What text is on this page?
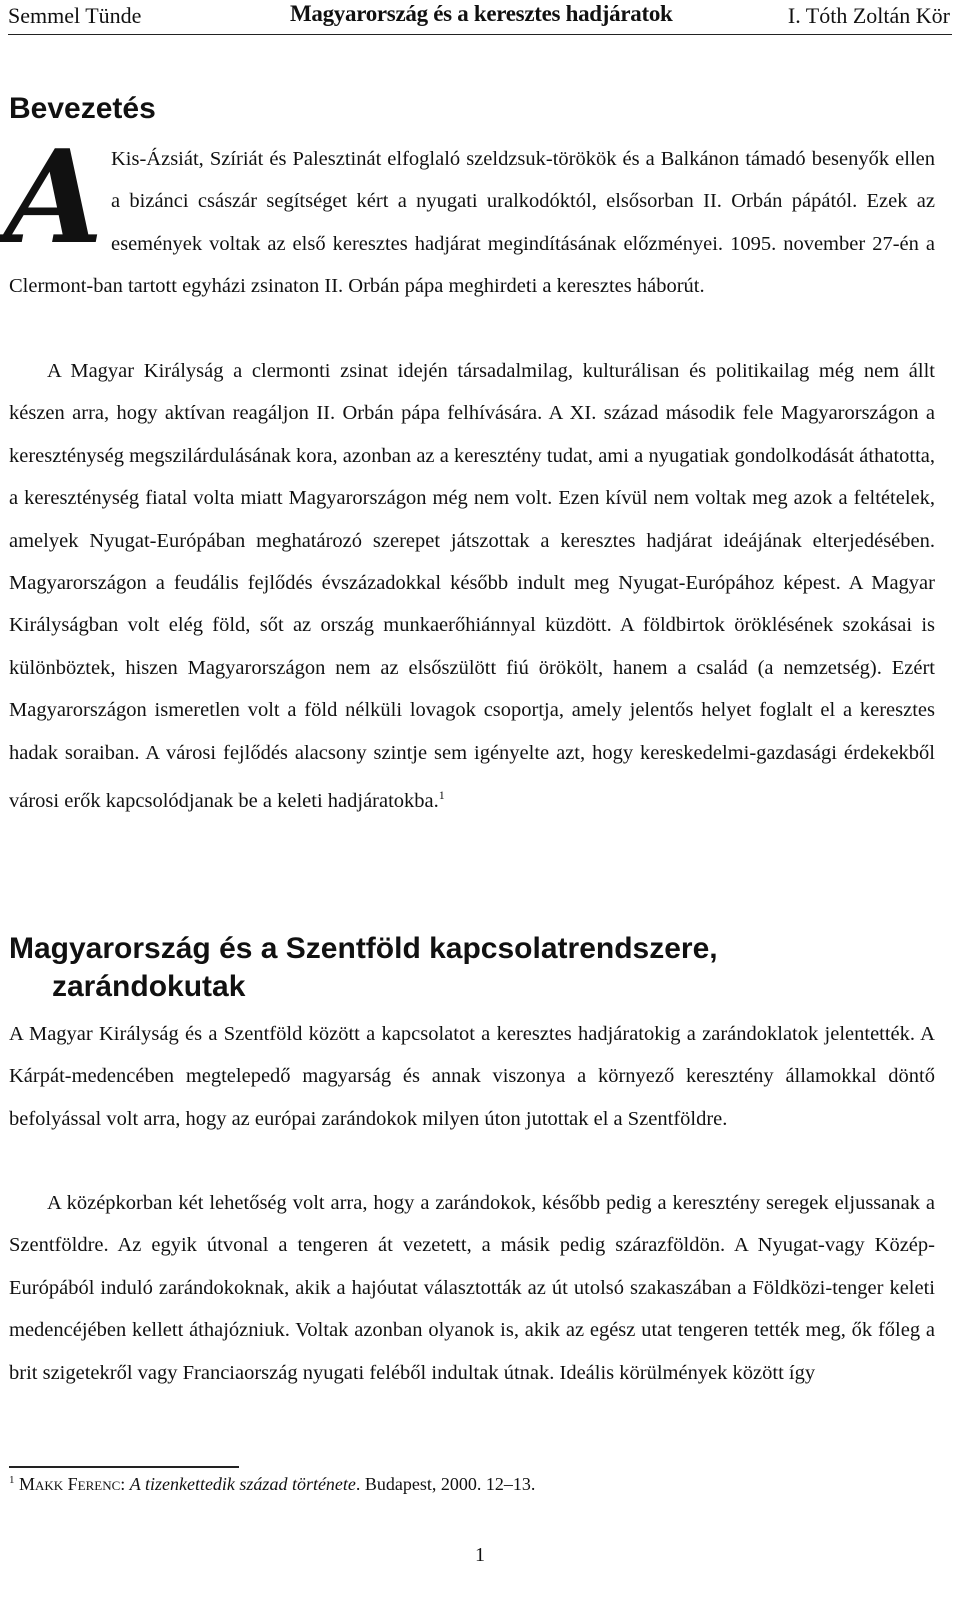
Semmel Tünde	Magyarország és a keresztes hadjáratok	I. Tóth Zoltán Kör
Bevezetés
A Kis-Ázsiát, Szíriát és Palesztinát elfoglaló szeldzsuk-törökök és a Balkánon támadó besenyők ellen a bizánci császár segítséget kért a nyugati uralkodóktól, elsősorban II. Orbán pápától. Ezek az események voltak az első keresztes hadjárat megindításának előzményei. 1095. november 27-én a Clermont-ban tartott egyházi zsinaton II. Orbán pápa meghirdeti a keresztes háborút.

A Magyar Királyság a clermonti zsinat idején társadalmilag, kulturálisan és politikailag még nem állt készen arra, hogy aktívan reagáljon II. Orbán pápa felhívására. A XI. század második fele Magyarországon a kereszténység megszilárdulásának kora, azonban az a keresztény tudat, ami a nyugatiak gondolkodását áthatotta, a kereszténység fiatal volta miatt Magyarországon még nem volt. Ezen kívül nem voltak meg azok a feltételek, amelyek Nyugat-Európában meghatározó szerepet játszottak a keresztes hadjárat ideájának elterjedésében. Magyarországon a feudális fejlődés évszázadokkal később indult meg Nyugat-Európához képest. A Magyar Királyságban volt elég föld, sőt az ország munkaerőhiánnyal küzdött. A földbirtok öröklésének szokásai is különböztek, hiszen Magyarországon nem az elsőszülött fiú örökölt, hanem a család (a nemzetség). Ezért Magyarországon ismeretlen volt a föld nélküli lovagok csoportja, amely jelentős helyet foglalt el a keresztes hadak soraiban. A városi fejlődés alacsony szintje sem igényelte azt, hogy kereskedelmi-gazdasági érdekekből városi erők kapcsolódjanak be a keleti hadjáratokba.$^1$

Magyarország és a Szentföld kapcsolatrendszere,
zarándokutak

A Magyar Királyság és a Szentföld között a kapcsolatot a keresztes hadjáratokig a zarándoklatok jelentették. A Kárpát-medencében megtelepedő magyarság és annak viszonya a környező keresztény államokkal döntő befolyással volt arra, hogy az európai zarándokok milyen úton jutottak el a Szentföldre.

A középkorban két lehetőség volt arra, hogy a zarándokok, később pedig a keresztény seregek eljussanak a Szentföldre. Az egyik útvonal a tengeren át vezetett, a másik pedig szárazföldön. A Nyugat-vagy Közép-Európából induló zarándokoknak, akik a hajóutat választották az út utolsó szakaszában a Földközi-tenger keleti medencéjében kellett áthajózniuk. Voltak azonban olyanok is, akik az egész utat tengeren tették meg, ők főleg a brit szigetekről vagy Franciaország nyugati feléből indultak útnak. Ideális körülmények között így

$^1$ Makk Ferenc: A tizenkettedik század története. Budapest, 2000. 12–13.
1
